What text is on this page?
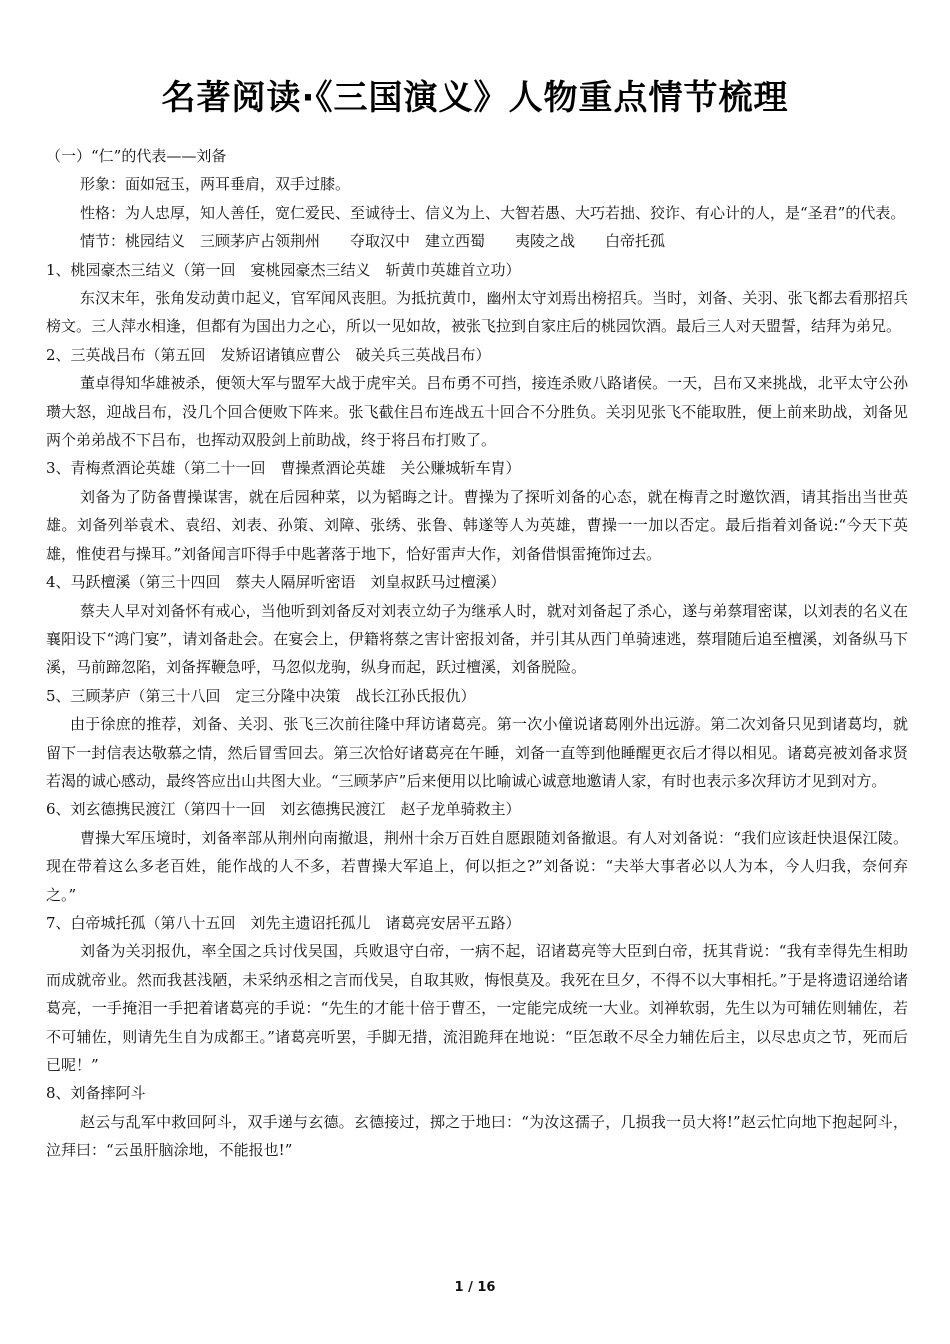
名著阅读·《三国演义》人物重点情节梳理

（一）“仁”的代表——刘备

形象：面如冠玉，两耳垂肩，双手过膝。

性格：为人忠厚，知人善任，宽仁爱民、至诚待士、信义为上、大智若愚、大巧若拙、狡诈、有心计的人，是“圣君”的代表。

情节：桃园结义　三顾茅庐占领荆州　　夺取汉中　建立西蜀　　夷陵之战　　白帝托孤

1、桃园豪杰三结义（第一回　宴桃园豪杰三结义　斩黄巾英雄首立功）

东汉末年，张角发动黄巾起义，官军闻风丧胆。为抵抗黄巾，幽州太守刘焉出榜招兵。当时，刘备、关羽、张飞都去看那招兵榜文。三人萍水相逢，但都有为国出力之心，所以一见如故，被张飞拉到自家庄后的桃园饮酒。最后三人对天盟誓，结拜为弟兄。

2、三英战吕布（第五回　发矫诏诸镇应曹公　破关兵三英战吕布）

董卓得知华雄被杀，便领大军与盟军大战于虎牢关。吕布勇不可挡，接连杀败八路诸侯。一天，吕布又来挑战，北平太守公孙瓒大怒，迎战吕布，没几个回合便败下阵来。张飞截住吕布连战五十回合不分胜负。关羽见张飞不能取胜，便上前来助战，刘备见两个弟弟战不下吕布，也挥动双股剑上前助战，终于将吕布打败了。

3、青梅煮酒论英雄（第二十一回　曹操煮酒论英雄　关公赚城斩车胄）

刘备为了防备曹操谋害，就在后园种菜，以为韬晦之计。曹操为了探听刘备的心态，就在梅青之时邀饮酒，请其指出当世英雄。刘备列举袁术、袁绍、刘表、孙策、刘障、张绣、张鲁、韩遂等人为英雄，曹操一一加以否定。最后指着刘备说:“今天下英雄，惟使君与操耳。”刘备闻言吓得手中匙著落于地下，恰好雷声大作，刘备借惧雷掩饰过去。

4、马跃檀溪（第三十四回　蔡夫人隔屏听密语　刘皇叔跃马过檀溪）

蔡夫人早对刘备怀有戒心，当他听到刘备反对刘表立幼子为继承人时，就对刘备起了杀心，遂与弟蔡瑁密谋，以刘表的名义在襄阳设下“鸿门宴”，请刘备赴会。在宴会上，伊籍将蔡之害计密报刘备，并引其从西门单骑速逃，蔡瑁随后追至檀溪，刘备纵马下溪，马前蹄忽陷，刘备挥鞭急呼，马忽似龙驹，纵身而起，跃过檀溪，刘备脱险。

5、三顾茅庐（第三十八回　定三分隆中决策　战长江孙氏报仇）

由于徐庶的推荐，刘备、关羽、张飞三次前往隆中拜访诸葛亮。第一次小僮说诸葛刚外出远游。第二次刘备只见到诸葛均，就留下一封信表达敬慕之情，然后冒雪回去。第三次恰好诸葛亮在午睡，刘备一直等到他睡醒更衣后才得以相见。诸葛亮被刘备求贤若渴的诚心感动，最终答应出山共图大业。“三顾茅庐”后来便用以比喻诚心诚意地邀请人家，有时也表示多次拜访才见到对方。

6、刘玄德携民渡江（第四十一回　刘玄德携民渡江　赵子龙单骑救主）

曹操大军压境时，刘备率部从荆州向南撤退，荆州十余万百姓自愿跟随刘备撤退。有人对刘备说：“我们应该赶快退保江陵。现在带着这么多老百姓，能作战的人不多，若曹操大军追上，何以拒之?”刘备说：“夫举大事者必以人为本，今人归我，奈何弃之。”

7、白帝城托孤（第八十五回　刘先主遗诏托孤儿　诸葛亮安居平五路）

刘备为关羽报仇，率全国之兵讨伐吴国，兵败退守白帝，一病不起，诏诸葛亮等大臣到白帝，抚其背说：“我有幸得先生相助而成就帝业。然而我甚浅陋，未采纳丞相之言而伐吴，自取其败，悔恨莫及。我死在旦夕，不得不以大事相托。”于是将遗诏递给诸葛亮，一手掩泪一手把着诸葛亮的手说：“先生的才能十倍于曹丕，一定能完成统一大业。刘禅软弱，先生以为可辅佐则辅佐，若不可辅佐，则请先生自为成都王。”诸葛亮听罢，手脚无措，流泪跪拜在地说：“臣怎敢不尽全力辅佐后主，以尽忠贞之节，死而后已呢！”

8、刘备摔阿斗

赵云与乱军中救回阿斗，双手递与玄德。玄德接过，掷之于地曰：“为汝这孺子，几损我一员大将!”赵云忙向地下抱起阿斗，泣拜曰：“云虽肝脑涂地，不能报也!”

1 / 16
